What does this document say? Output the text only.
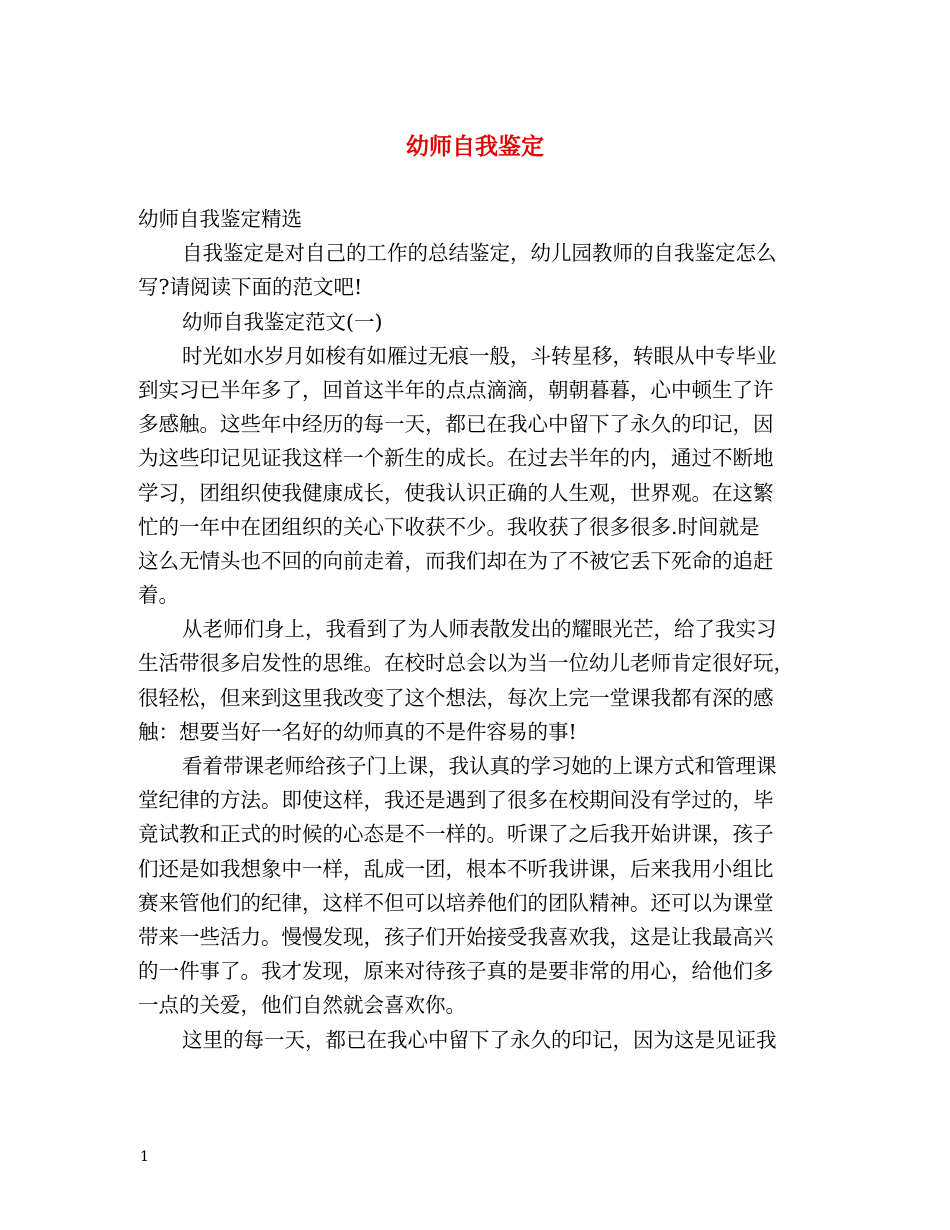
幼师自我鉴定
幼师自我鉴定精选
自我鉴定是对自己的工作的总结鉴定，幼儿园教师的自我鉴定怎么
写?请阅读下面的范文吧!
幼师自我鉴定范文(一)
时光如水岁月如梭有如雁过无痕一般，斗转星移，转眼从中专毕业
到实习已半年多了，回首这半年的点点滴滴，朝朝暮暮，心中顿生了许
多感触。这些年中经历的每一天，都已在我心中留下了永久的印记，因
为这些印记见证我这样一个新生的成长。在过去半年的内，通过不断地
学习，团组织使我健康成长，使我认识正确的人生观，世界观。在这繁
忙的一年中在团组织的关心下收获不少。我收获了很多很多.时间就是
这么无情头也不回的向前走着，而我们却在为了不被它丢下死命的追赶
着。
从老师们身上，我看到了为人师表散发出的耀眼光芒，给了我实习
生活带很多启发性的思维。在校时总会以为当一位幼儿老师肯定很好玩，
很轻松，但来到这里我改变了这个想法，每次上完一堂课我都有深的感
触：想要当好一名好的幼师真的不是件容易的事!
看着带课老师给孩子门上课，我认真的学习她的上课方式和管理课
堂纪律的方法。即使这样，我还是遇到了很多在校期间没有学过的，毕
竟试教和正式的时候的心态是不一样的。听课了之后我开始讲课，孩子
们还是如我想象中一样，乱成一团，根本不听我讲课，后来我用小组比
赛来管他们的纪律，这样不但可以培养他们的团队精神。还可以为课堂
带来一些活力。慢慢发现，孩子们开始接受我喜欢我，这是让我最高兴
的一件事了。我才发现，原来对待孩子真的是要非常的用心，给他们多
一点的关爱，他们自然就会喜欢你。
这里的每一天，都已在我心中留下了永久的印记，因为这是见证我
1
